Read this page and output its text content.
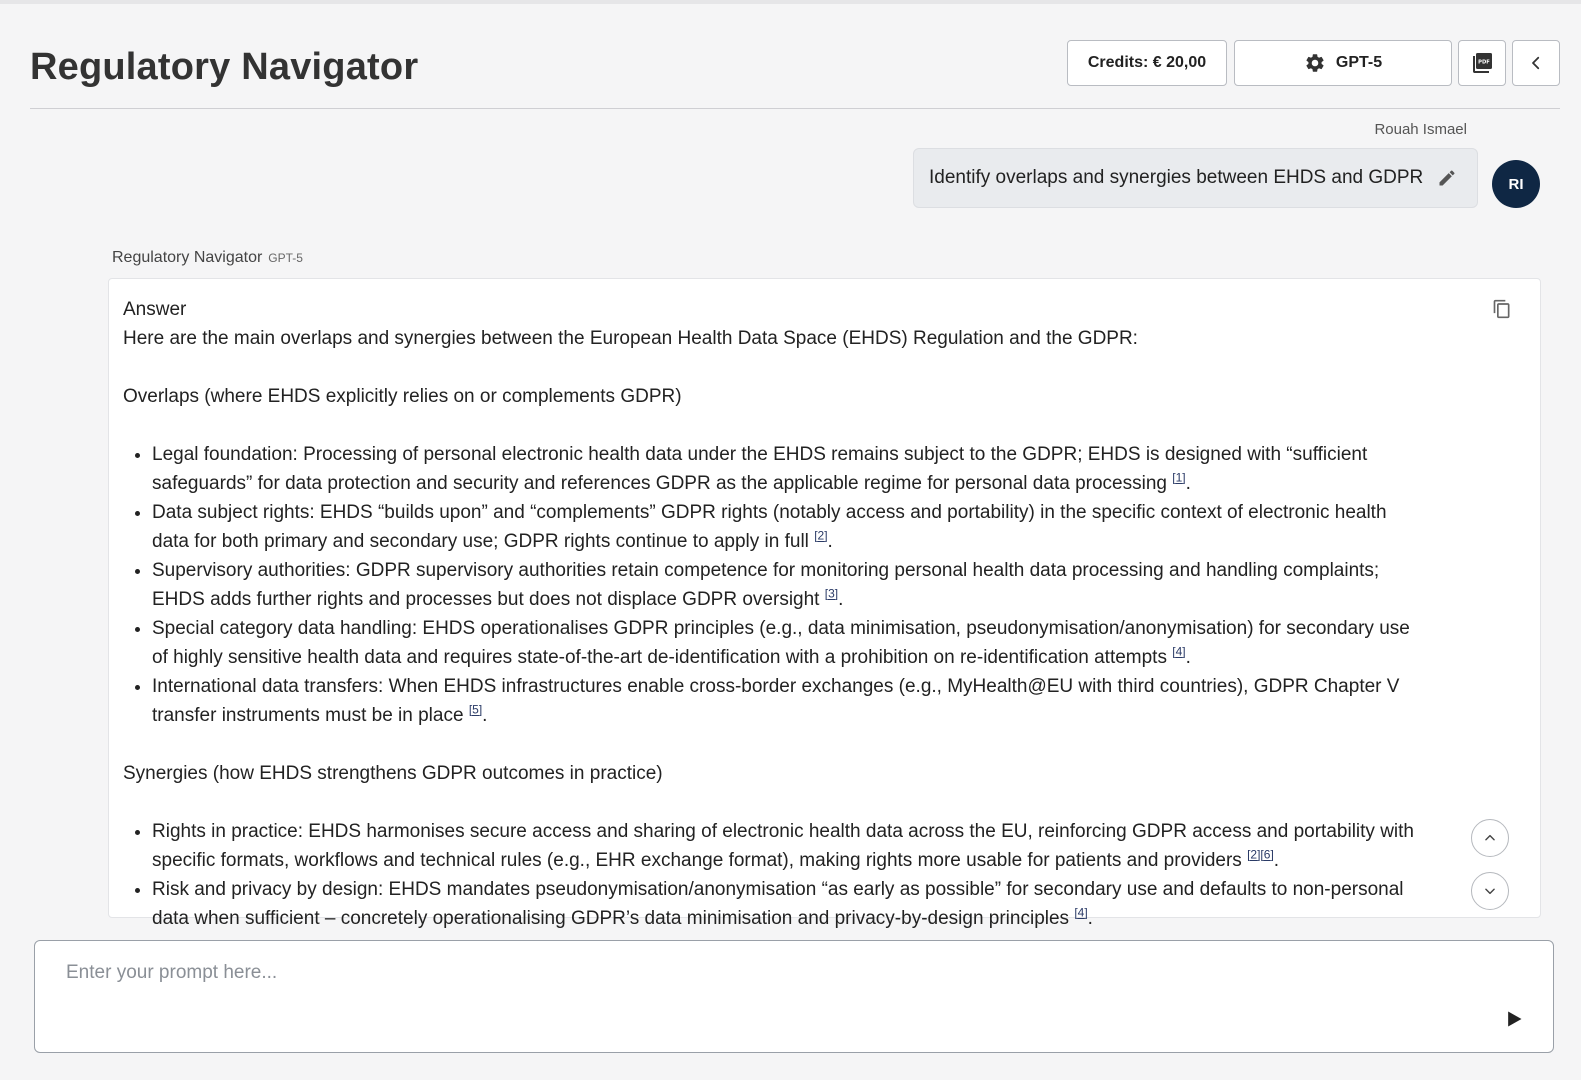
Regulatory Navigator	Credits: € 20,00	GPT-5	PDF
Rouah Ismael
Identify overlaps and synergies between EHDS and GDPR	RI
Regulatory Navigator GPT-5

Answer

Here are the main overlaps and synergies between the European Health Data Space (EHDS) Regulation and the GDPR:

Overlaps (where EHDS explicitly relies on or complements GDPR)

• Legal foundation: Processing of personal electronic health data under the EHDS remains subject to the GDPR; EHDS is designed with “sufficient safeguards” for data protection and security and references GDPR as the applicable regime for personal data processing [1].
• Data subject rights: EHDS “builds upon” and “complements” GDPR rights (notably access and portability) in the specific context of electronic health data for both primary and secondary use; GDPR rights continue to apply in full [2].
• Supervisory authorities: GDPR supervisory authorities retain competence for monitoring personal health data processing and handling complaints; EHDS adds further rights and processes but does not displace GDPR oversight [3].
• Special category data handling: EHDS operationalises GDPR principles (e.g., data minimisation, pseudonymisation/anonymisation) for secondary use of highly sensitive health data and requires state-of-the-art de-identification with a prohibition on re-identification attempts [4].
• International data transfers: When EHDS infrastructures enable cross-border exchanges (e.g., MyHealth@EU with third countries), GDPR Chapter V transfer instruments must be in place [5].

Synergies (how EHDS strengthens GDPR outcomes in practice)

• Rights in practice: EHDS harmonises secure access and sharing of electronic health data across the EU, reinforcing GDPR access and portability with specific formats, workflows and technical rules (e.g., EHR exchange format), making rights more usable for patients and providers [2][6].
• Risk and privacy by design: EHDS mandates pseudonymisation/anonymisation “as early as possible” for secondary use and defaults to non-personal data when sufficient – concretely operationalising GDPR’s data minimisation and privacy-by-design principles [4].
Enter your prompt here...
